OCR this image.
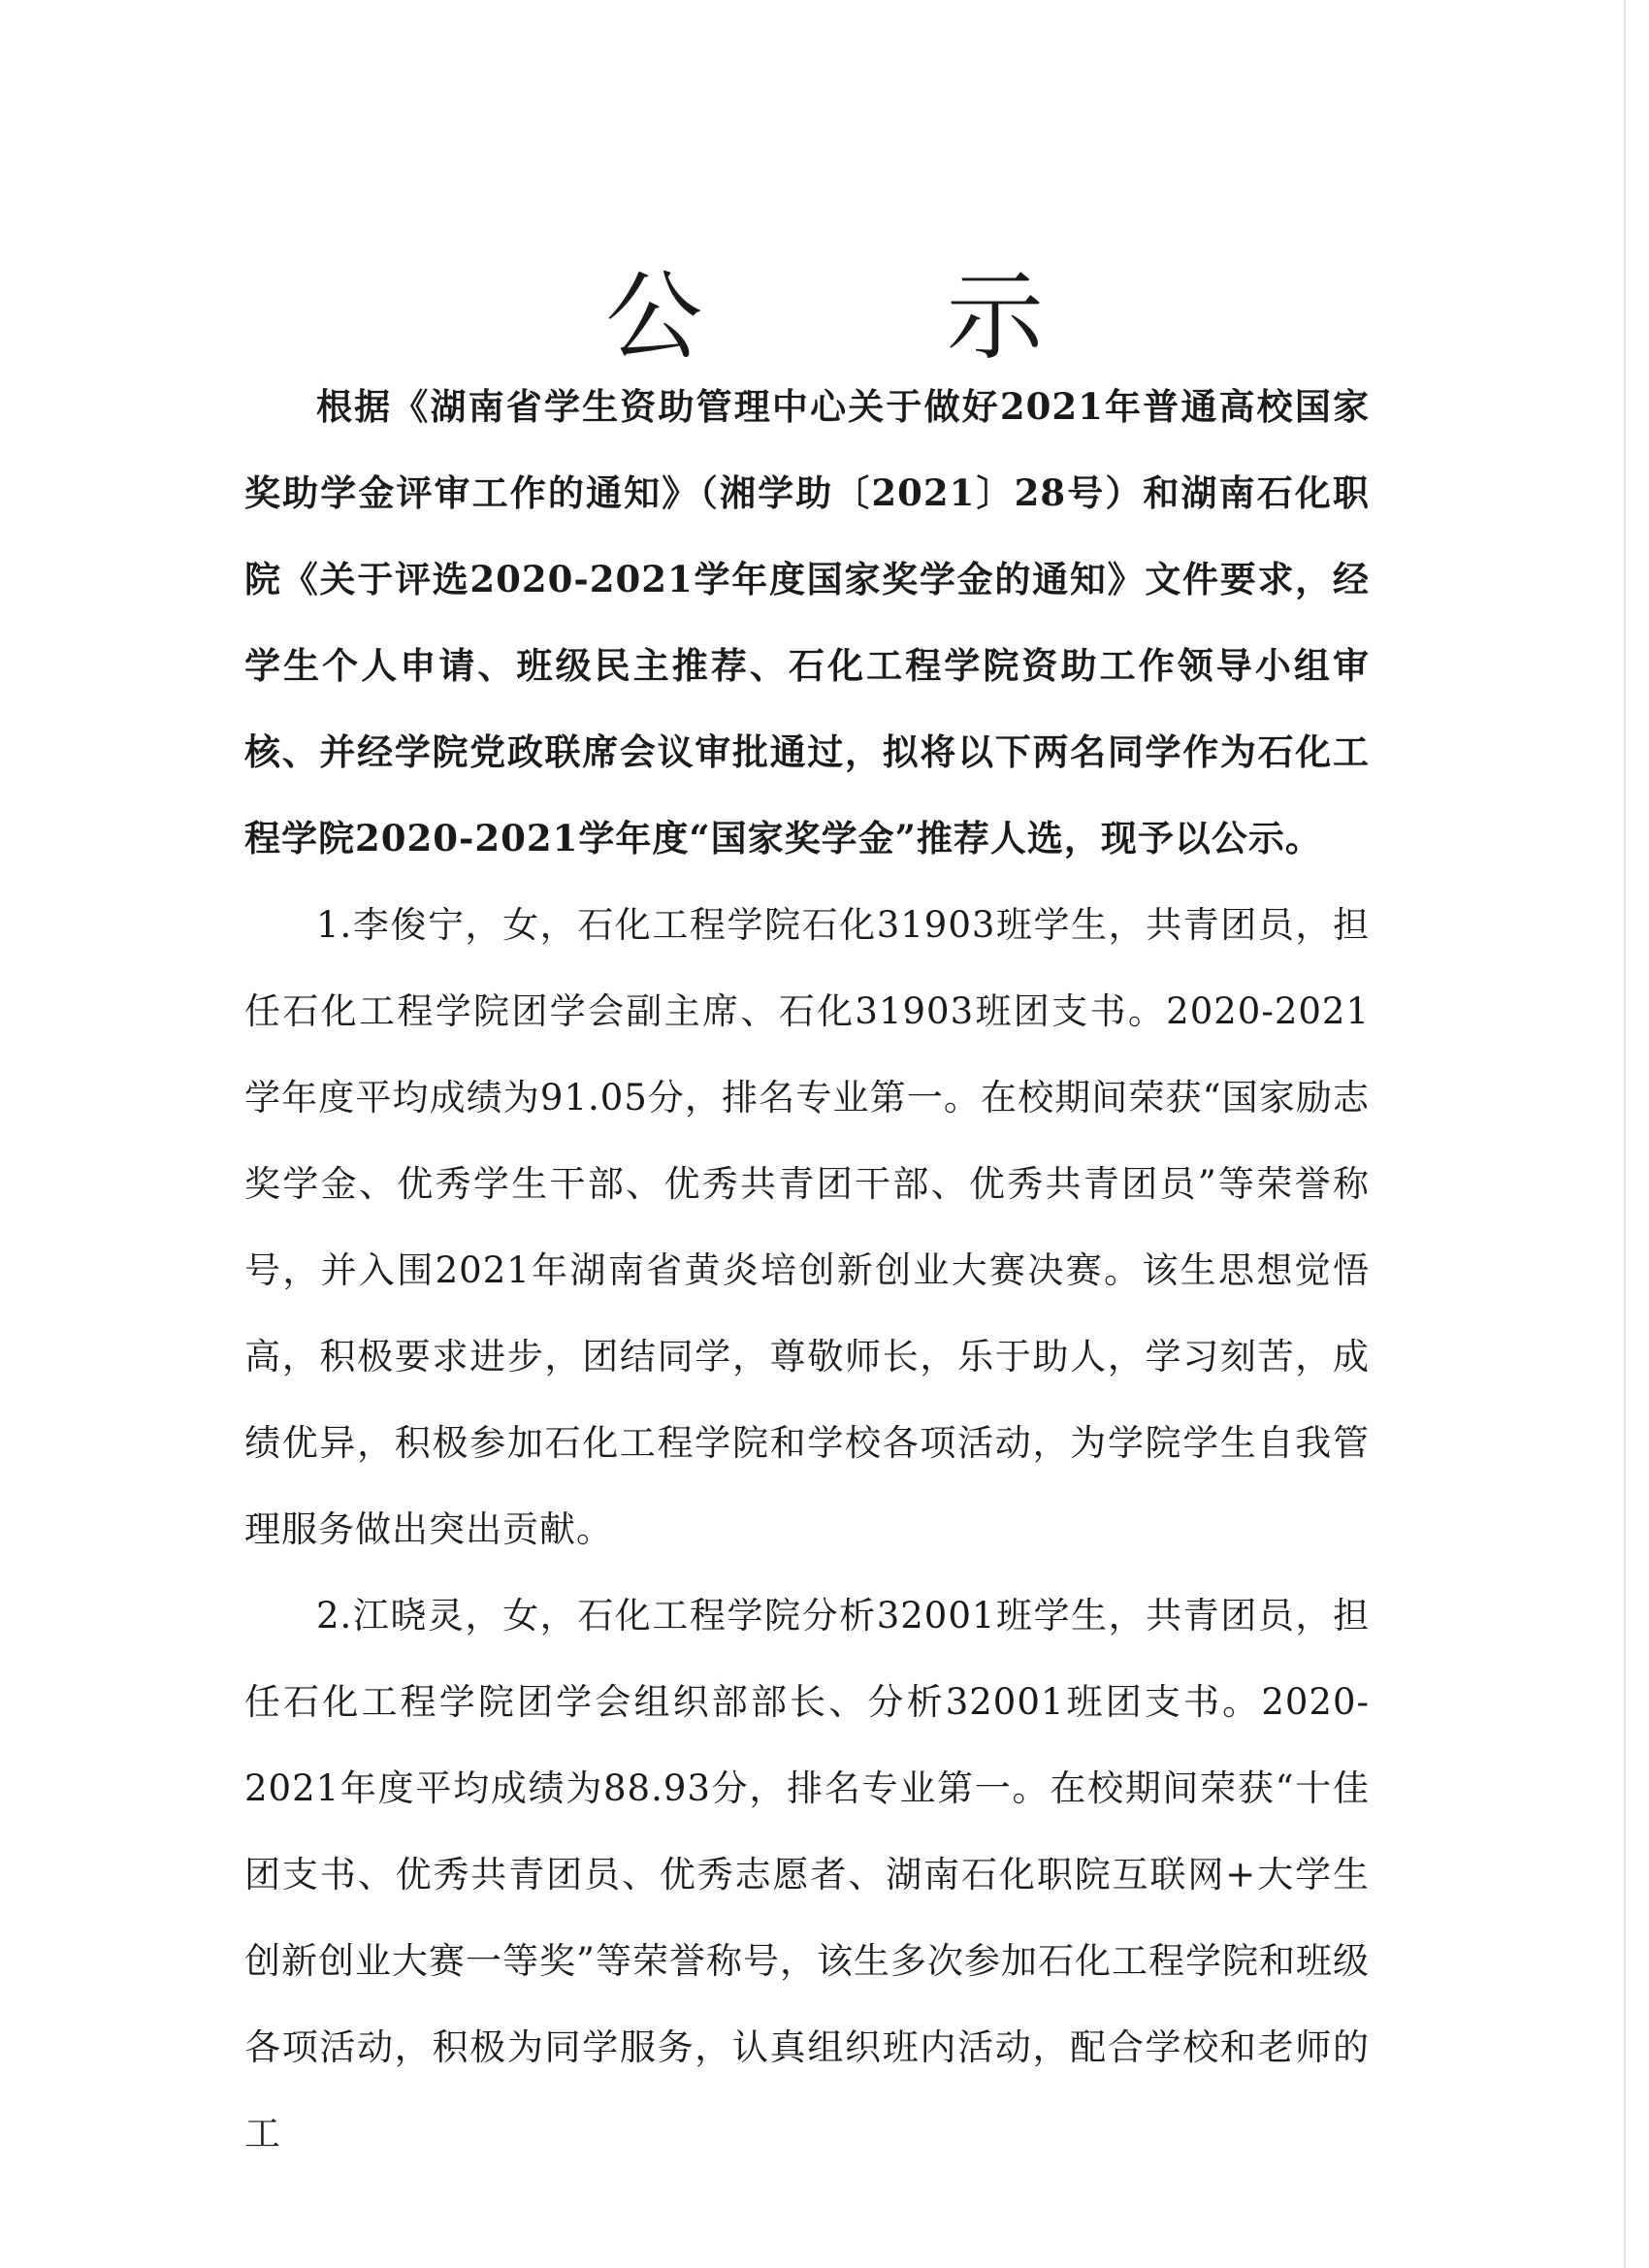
公 示

根据《湖南省学生资助管理中心关于做好2021年普通高校国家奖助学金评审工作的通知》（湘学助〔2021〕28号）和湖南石化职院《关于评选2020-2021学年度国家奖学金的通知》文件要求，经学生个人申请、班级民主推荐、石化工程学院资助工作领导小组审核、并经学院党政联席会议审批通过，拟将以下两名同学作为石化工程学院2020-2021学年度“国家奖学金”推荐人选，现予以公示。

1.李俊宁，女，石化工程学院石化31903班学生，共青团员，担任石化工程学院团学会副主席、石化31903班团支书。2020-2021学年度平均成绩为91.05分，排名专业第一。在校期间荣获“国家励志奖学金、优秀学生干部、优秀共青团干部、优秀共青团员”等荣誉称号，并入围2021年湖南省黄炎培创新创业大赛决赛。该生思想觉悟高，积极要求进步，团结同学，尊敬师长，乐于助人，学习刻苦，成绩优异，积极参加石化工程学院和学校各项活动，为学院学生自我管理服务做出突出贡献。

2.江晓灵，女，石化工程学院分析32001班学生，共青团员，担任石化工程学院团学会组织部部长、分析32001班团支书。2020-2021年度平均成绩为88.93分，排名专业第一。在校期间荣获“十佳团支书、优秀共青团员、优秀志愿者、湖南石化职院互联网+大学生创新创业大赛一等奖”等荣誉称号，该生多次参加石化工程学院和班级各项活动，积极为同学服务，认真组织班内活动，配合学校和老师的工
